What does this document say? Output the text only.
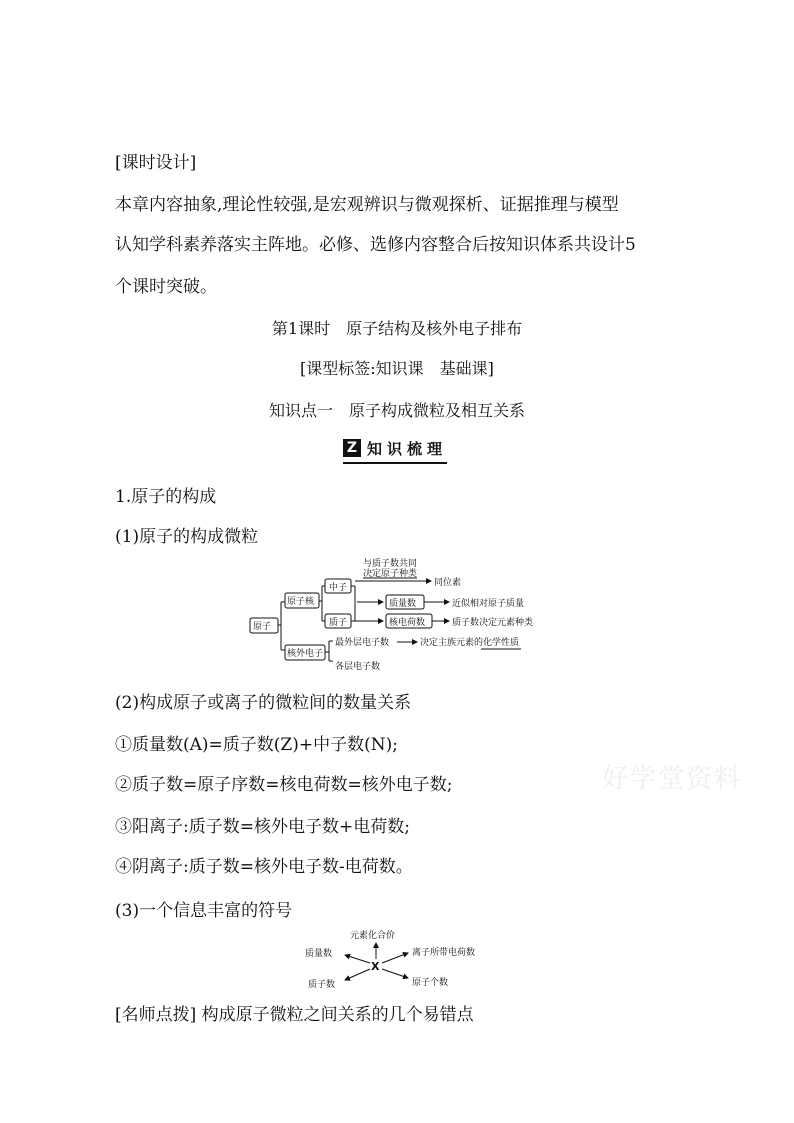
[课时设计]
本章内容抽象,理论性较强,是宏观辨识与微观探析、证据推理与模型
认知学科素养落实主阵地。必修、选修内容整合后按知识体系共设计5
个课时突破。
第1课时　原子结构及核外电子排布
[课型标签:知识课　基础课]
知识点一　原子构成微粒及相互关系
Z 知识梳理
1.原子的构成
(1)原子的构成微粒
原子
原子核
中子
质子
核外电子
与质子数共同
决定原子种类
同位素
质量数
核电荷数
近似相对原子质量
质子数决定元素种类
最外层电子数	决定主族元素的化学性质
各层电子数
(2)构成原子或离子的微粒间的数量关系
①质量数(A)=质子数(Z)+中子数(N);
②质子数=原子序数=核电荷数=核外电子数;
③阳离子:质子数=核外电子数+电荷数;
④阴离子:质子数=核外电子数-电荷数。
(3)一个信息丰富的符号
好学堂资料
元素化合价
质量数	离子所带电荷数
质子数	原子个数
X
[名师点拨] 构成原子微粒之间关系的几个易错点
